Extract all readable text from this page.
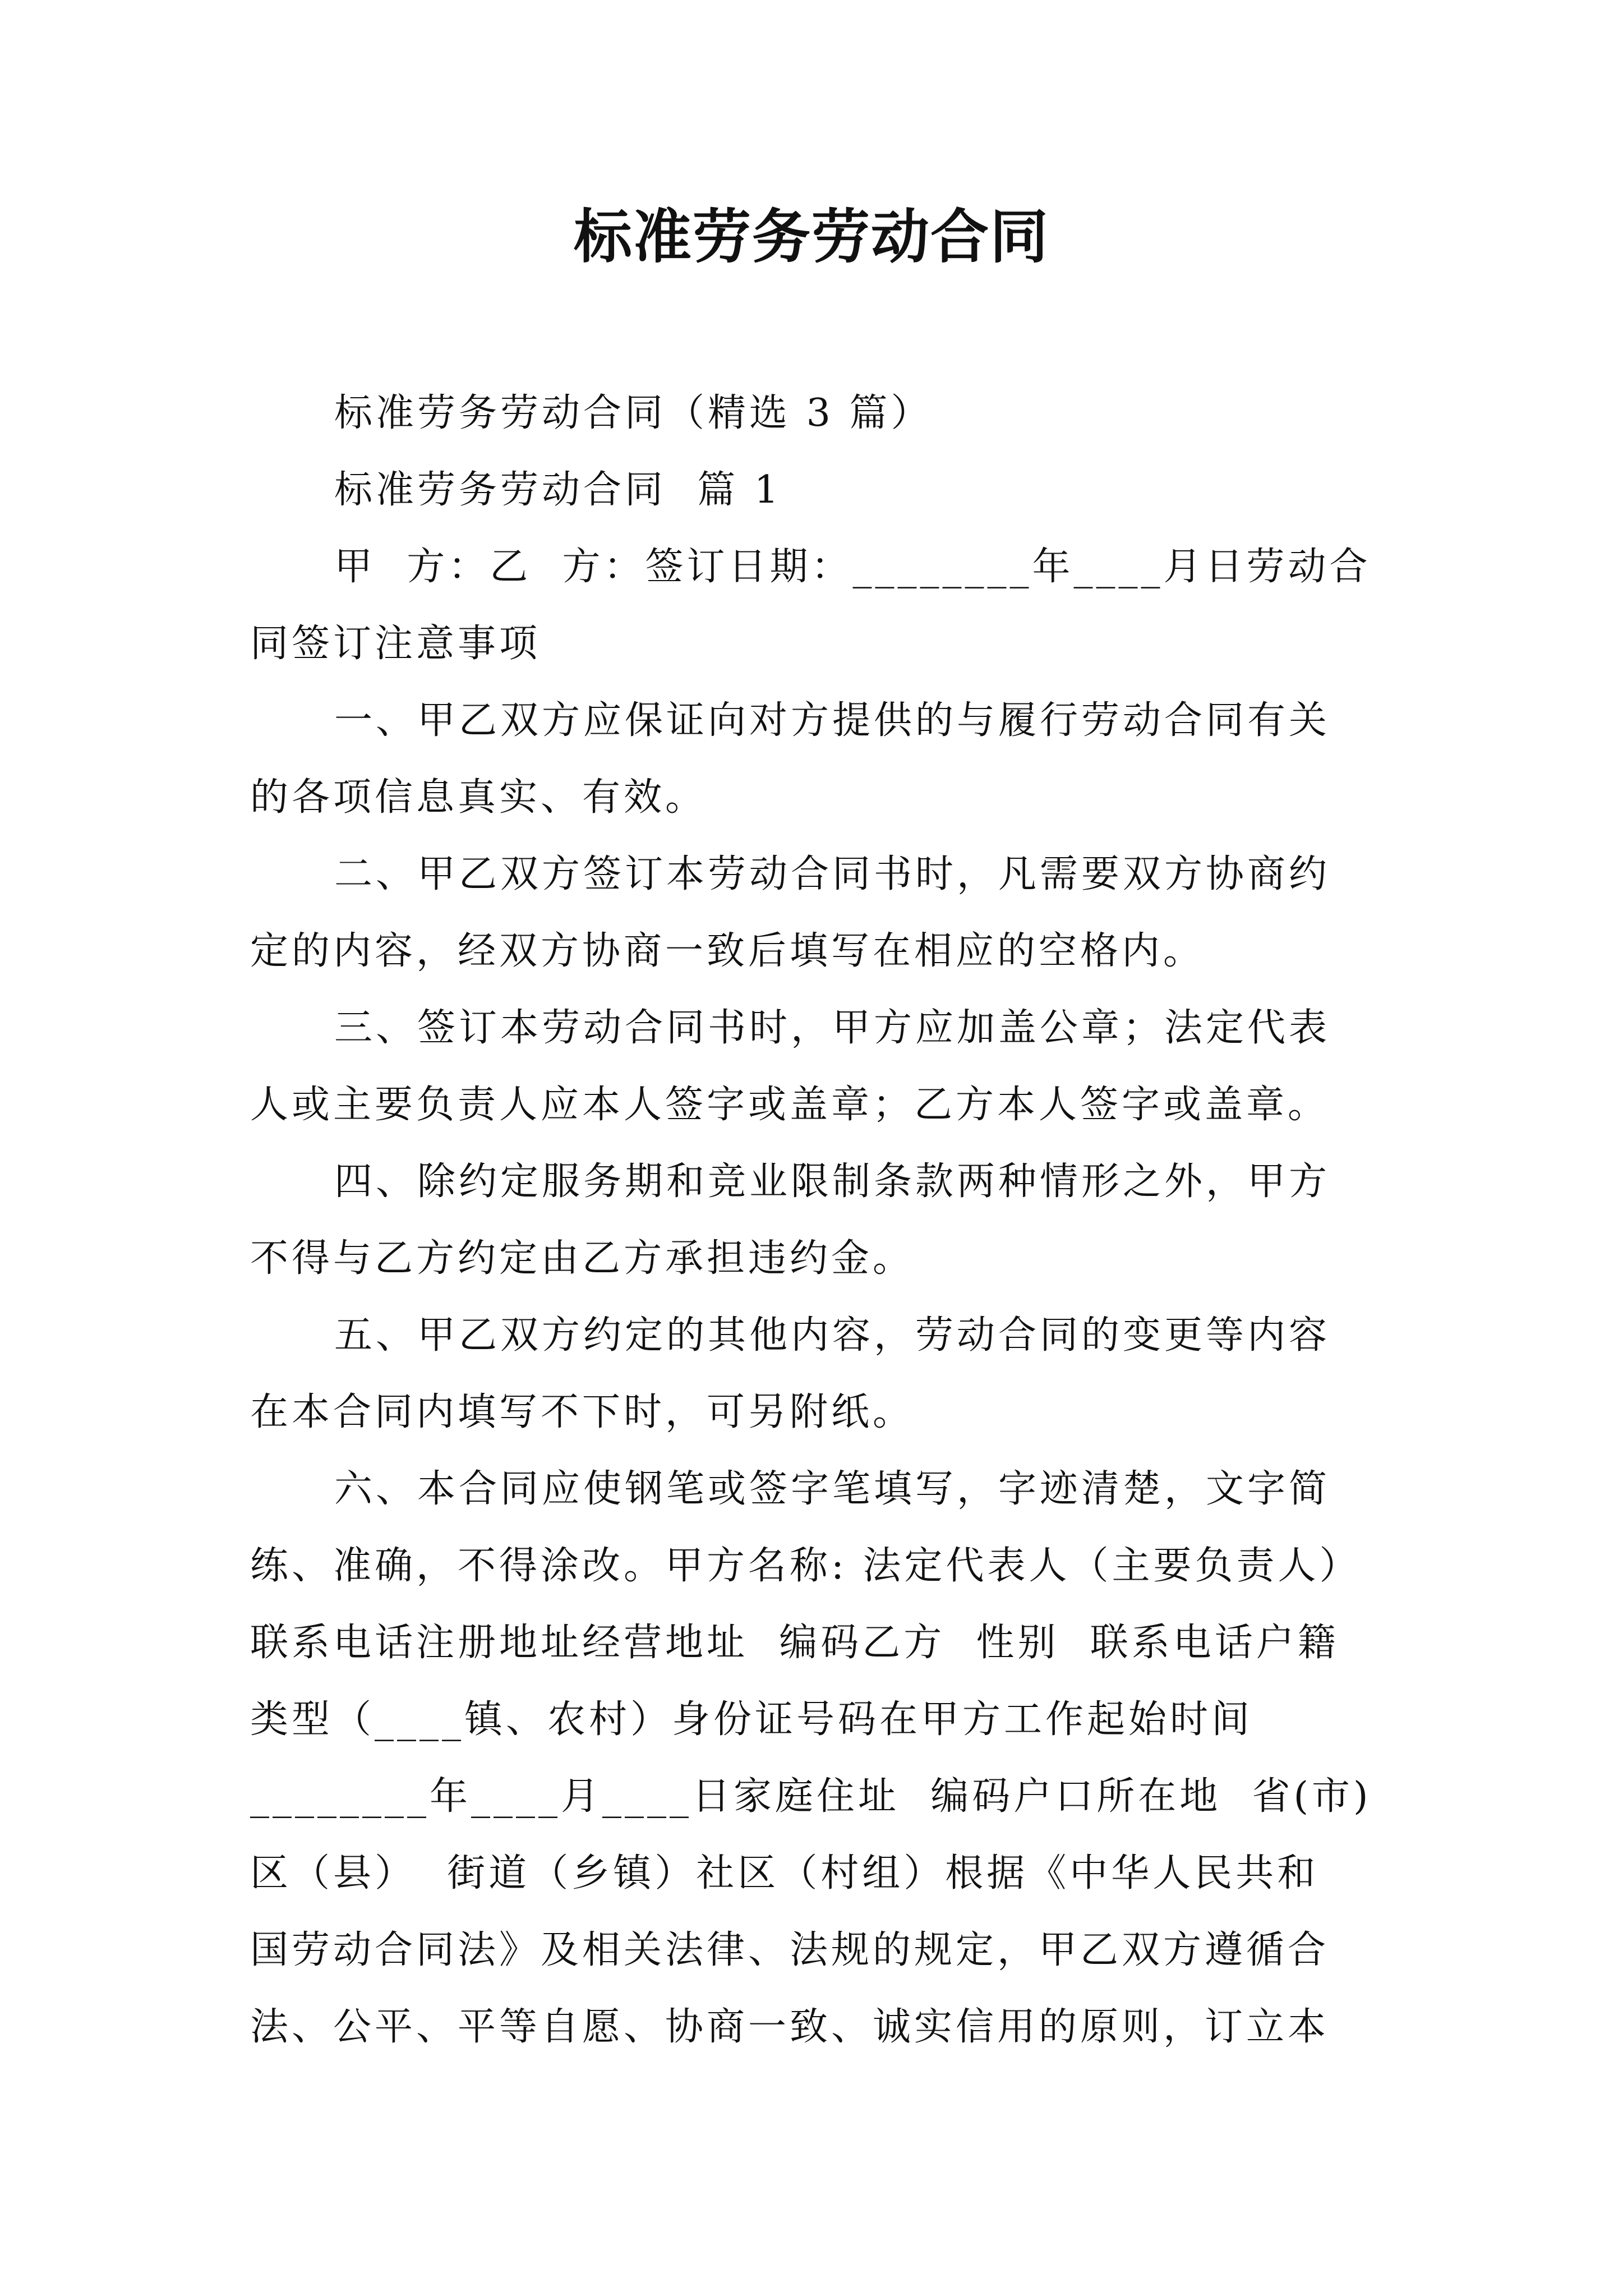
标准劳务劳动合同

标准劳务劳动合同（精选 3 篇）

标准劳务劳动合同  篇 1

甲  方：乙  方：签订日期：________年____月日劳动合

同签订注意事项

一、甲乙双方应保证向对方提供的与履行劳动合同有关

的各项信息真实、有效。

二、甲乙双方签订本劳动合同书时，凡需要双方协商约

定的内容，经双方协商一致后填写在相应的空格内。

三、签订本劳动合同书时，甲方应加盖公章；法定代表

人或主要负责人应本人签字或盖章；乙方本人签字或盖章。

四、除约定服务期和竞业限制条款两种情形之外，甲方

不得与乙方约定由乙方承担违约金。

五、甲乙双方约定的其他内容，劳动合同的变更等内容

在本合同内填写不下时，可另附纸。

六、本合同应使钢笔或签字笔填写，字迹清楚，文字简

练、准确，不得涂改。甲方名称: 法定代表人（主要负责人）

联系电话注册地址经营地址  编码乙方  性别  联系电话户籍

类型（____镇、农村）身份证号码在甲方工作起始时间

________年____月____日家庭住址  编码户口所在地  省(市)

区（县）  街道（乡镇）社区（村组）根据《中华人民共和

国劳动合同法》及相关法律、法规的规定，甲乙双方遵循合

法、公平、平等自愿、协商一致、诚实信用的原则，订立本
